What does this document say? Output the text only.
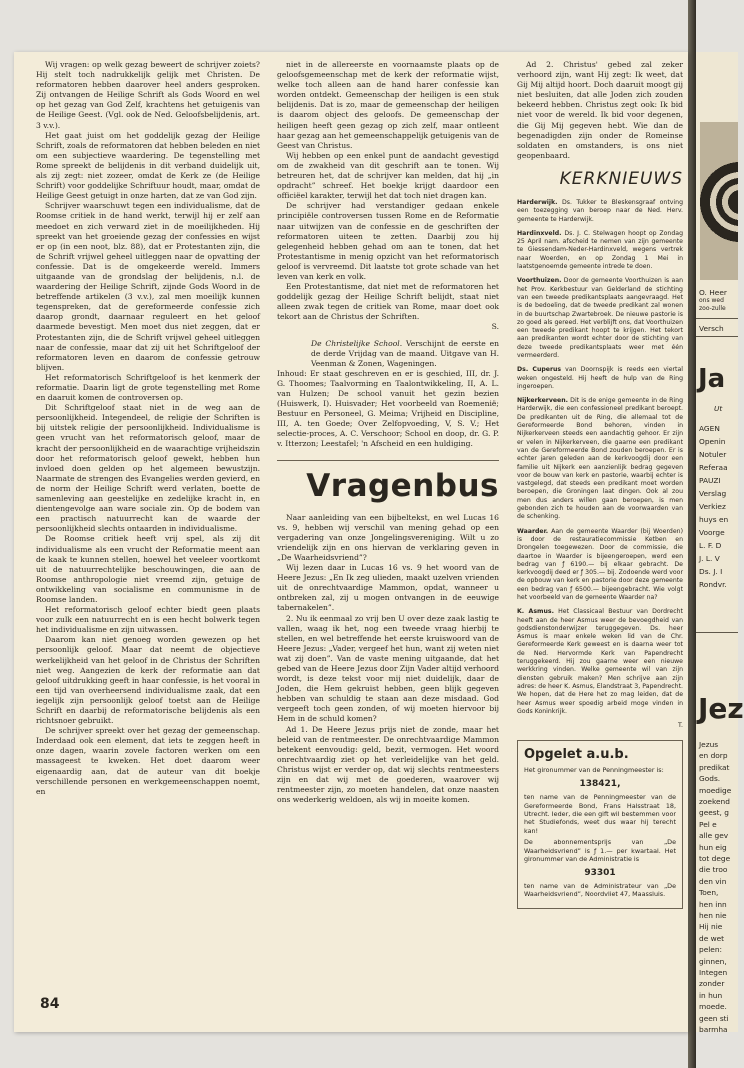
Wij vragen: op welk gezag beweert de schrijver zoiets? Hij stelt toch nadrukkelijk gelijk met Christen. De reformatoren hebben daarover heel anders gesproken. Zij ontvangen de Heilige Schrift als Gods Woord en wel op het gezag van God Zelf, krachtens het getuigenis van de Heilige Geest. (Vgl. ook de Ned. Geloofsbelijdenis, art. 3 v.v.).

Het gaat juist om het goddelijk gezag der Heilige Schrift, zoals de reformatoren dat hebben beleden en niet om een subjectieve waardering. De tegenstelling met Rome spreekt de belijdenis in dit verband duidelijk uit, als zij zegt: niet zozeer, omdat de Kerk ze (de Heilige Schrift) voor goddelijke Schriftuur houdt, maar, omdat de Heilige Geest getuigt in onze harten, dat ze van God zijn.

Schrijver waarschuwt tegen een individualisme, dat de Roomse critiek in de hand werkt, terwijl hij er zelf aan meedoet en zich verward ziet in de moeilijkheden. Hij spreekt van het groeiende gezag der confessies en wijst er op (in een noot, blz. 88), dat er Protestanten zijn, die de Schrift vrijwel geheel uitleggen naar de opvatting der confessie. Dat is de omgekeerde wereld. Immers uitgaande van de grondslag der belijdenis, n.l. de waardering der Heilige Schrift, zijnde Gods Woord in de betreffende artikelen (3 v.v.), zal men moeilijk kunnen tegenspreken, dat de gereformeerde confessie zich daarop grondt, daarnaar reguleert en het geloof daarmede bevestigt. Men moet dus niet zeggen, dat er Protestanten zijn, die de Schrift vrijwel geheel uitleggen naar de confessie, maar dat zij uit het Schriftgeloof der reformatoren leven en daarom de confessie getrouw blijven.

Het reformatorisch Schriftgeloof is het kenmerk der reformatie. Daarin ligt de grote tegenstelling met Rome en daaruit komen de controversen op.

Dit Schriftgeloof staat niet in de weg aan de persoonlijkheid. Integendeel, de religie der Schriften is bij uitstek religie der persoonlijkheid. Individualisme is geen vrucht van het reformatorisch geloof, maar de kracht der persoonlijkheid en de waarachtige vrijheidszin door het reformatorisch geloof gewekt, hebben hun invloed doen gelden op het algemeen bewustzijn. Naarmate de strengen des Evangelies werden gevierd, en de norm der Heilige Schrift werd verlaten, boette de samenleving aan geestelijke en zedelijke kracht in, en dientengevolge aan ware sociale zin. Op de bodem van een practisch natuurrecht kan de waarde der persoonlijkheid slechts ontaarden in individualisme.

De Roomse critiek heeft vrij spel, als zij dit individualisme als een vrucht der Reformatie meent aan de kaak te kunnen stellen, hoewel het veeleer voortkomt uit de natuurrechtelijke beschouwingen, die aan de Roomse anthropologie niet vreemd zijn, getuige de ontwikkeling van socialisme en communisme in de Roomse landen.

Het reformatorisch geloof echter biedt geen plaats voor zulk een natuurrecht en is een hecht bolwerk tegen het individualisme en zijn uitwassen.

Daarom kan niet genoeg worden gewezen op het persoonlijk geloof. Maar dat neemt de objectieve werkelijkheid van het geloof in de Christus der Schriften niet weg. Aangezien de kerk der reformatie aan dat geloof uitdrukking geeft in haar confessie, is het vooral in een tijd van overheersend individualisme zaak, dat een iegelijk zijn persoonlijk geloof toetst aan de Heilige Schrift en daarbij de reformatorische belijdenis als een richtsnoer gebruikt.

De schrijver spreekt over het gezag der gemeenschap. Inderdaad ook een element, dat iets te zeggen heeft in onze dagen, waarin zovele factoren werken om een massageest te kweken. Het doet daarom weer eigenaardig aan, dat de auteur van dit boekje verschillende personen en werkgemeenschappen noemt, en

niet in de allereerste en voornaamste plaats op de geloofsgemeenschap met de kerk der reformatie wijst, welke toch alleen aan de hand harer confessie kan worden ontdekt. Gemeenschap der heiligen is een stuk belijdenis. Dat is zo, maar de gemeenschap der heiligen is daarom object des geloofs. De gemeenschap der heiligen heeft geen gezag op zich zelf, maar ontleent haar gezag aan het gemeenschappelijk getuigenis van de Geest van Christus.

Wij hebben op een enkel punt de aandacht gevestigd om de zwakheid van dit geschrift aan te tonen. Wij betreuren het, dat de schrijver kan melden, dat hij „in opdracht” schreef. Het boekje krijgt daardoor een officiëel karakter, terwijl het dat toch niet dragen kan.

De schrijver had verstandiger gedaan enkele principiële controversen tussen Rome en de Reformatie naar uitwijzen van de confessie en de geschriften der reformatoren uiteen te zetten. Daarbij zou hij gelegenheid hebben gehad om aan te tonen, dat het Protestantisme in menig opzicht van het reformatorisch geloof is vervreemd. Dit laatste tot grote schade van het leven van kerk en volk.

Een Protestantisme, dat niet met de reformatoren het goddelijk gezag der Heilige Schrift belijdt, staat niet alleen zwak tegen de critiek van Rome, maar doet ook tekort aan de Christus der Schriften.

S.

De Christelijke School. Verschijnt de eerste en de derde Vrijdag van de maand. Uitgave van H. Veenman & Zonen, Wageningen.

Inhoud: Er staat geschreven en er is geschied, III, dr. J. G. Thoomes; Taalvorming en Taalontwikkeling, II, A. L. van Hulzen; De school vanuit het gezin bezien (Huiswerk, I). Huisvader; Het voorbeeld van Roemenië; Bestuur en Personeel, G. Meima; Vrijheid en Discipline, III, A. ten Goede; Over Zelfopvoeding, V, S. V.; Het selectie-proces, A. C. Verschoor; School en doop, dr. G. P. v. Itterzon; Leestafel; 'n Afscheid en een huldiging.

Vragenbus

Naar aanleiding van een bijbeltekst, en wel Lucas 16 vs. 9, hebben wij verschil van mening gehad op een vergadering van onze Jongelingsvereniging. Wilt u zo vriendelijk zijn en ons hiervan de verklaring geven in „De Waarheidsvriend”?

Wij lezen daar in Lucas 16 vs. 9 het woord van de Heere Jezus: „En Ik zeg ulieden, maakt uzelven vrienden uit de onrechtvaardige Mammon, opdat, wanneer u ontbreken zal, zij u mogen ontvangen in de eeuwige tabernakelen”.

2. Nu ik eenmaal zo vrij ben U over deze zaak lastig te vallen, waag ik het, nog een tweede vraag hierbij te stellen, en wel betreffende het eerste kruiswoord van de Heere Jezus: „Vader, vergeef het hun, want zij weten niet wat zij doen”. Van de vaste mening uitgaande, dat het gebed van de Heere Jezus door Zijn Vader altijd verhoord wordt, is deze tekst voor mij niet duidelijk, daar de Joden, die Hem gekruist hebben, geen blijk gegeven hebben van schuldig te staan aan deze misdaad. God vergeeft toch geen zonden, of wij moeten hiervoor bij Hem in de schuld komen?

Ad 1. De Heere Jezus prijs niet de zonde, maar het beleid van de rentmeester. De onrechtvaardige Mammon betekent eenvoudig: geld, bezit, vermogen. Het woord onrechtvaardig ziet op het verleidelijke van het geld. Christus wijst er verder op, dat wij slechts rentmeesters zijn en dat wij met de goederen, waarover wij rentmeester zijn, zo moeten handelen, dat onze naasten ons wederkerig weldoen, als wij in moeite komen.

Ad 2. Christus' gebed zal zeker verhoord zijn, want Hij zegt: Ik weet, dat Gij Mij altijd hoort. Doch daaruit moogt gij niet besluiten, dat alle Joden zich zouden bekeerd hebben. Christus zegt ook: Ik bid niet voor de wereld. Ik bid voor degenen, die Gij Mij gegeven hebt. Wie dan de begenadigden zijn onder de Romeinse soldaten en omstanders, is ons niet geopenbaard.

KERKNIEUWS

Harderwijk. Ds. Tukker te Bleskensgraaf ontving een toezegging van beroep naar de Ned. Herv. gemeente te Harderwijk.

Hardinxveld. Ds. J. C. Stelwagen hoopt op Zondag 25 April nam. afscheid te nemen van zijn gemeente te Giessendam-Neder-Hardinxveld, wegens vertrek naar Woerden, en op Zondag 1 Mei in laatstgenoemde gemeente intrede te doen.

Voorthuizen. Door de gemeente Voorthuizen is aan het Prov. Kerkbestuur van Gelderland de stichting van een tweede predikantsplaats aangevraagd. Het is de bedoeling, dat de tweede predikant zal wonen in de buurtschap Zwartebroek. De nieuwe pastorie is zo goed als gereed. Het verblijft ons, dat Voorthuizen een tweede predikant hoopt te krijgen. Het tekort aan predikanten wordt echter door de stichting van deze tweede predikantsplaats weer met één vermeerderd.

Ds. Cuperus van Doornspijk is reeds een viertal weken ongesteld. Hij heeft de hulp van de Ring ingeroepen.

Nijkerkerveen. Dit is de enige gemeente in de Ring Harderwijk, die een confessioneel predikant beroept. De predikanten uit de Ring, die allemaal tot de Gereformeerde Bond behoren, vinden in Nijkerkerveen steeds een aandachtig gehoor. Er zijn er velen in Nijkerkerveen, die gaarne een predikant van de Gereformeerde Bond zouden beroepen. Er is echter jaren geleden aan de kerkvoogdij door een familie uit Nijkerk een aanzienlijk bedrag gegeven voor de bouw van kerk en pastorie, waarbij echter is vastgelegd, dat steeds een predikant moet worden beroepen, die Groningen laat dingen. Ook al zou men dus anders willen gaan beroepen, is men gebonden zich te houden aan de voorwaarden van de schenking.

Waarder. Aan de gemeente Waarder (bij Woerden) is door de restauratiecommissie Ketben en Drongelen toegewezen. Door de commissie, die daartoe in Waarder is bijeengeroepen, werd een bedrag van ƒ 6190.— bij elkaar gebracht. De kerkvoogdij deed er ƒ 305.— bij. Zodoende werd voor de opbouw van kerk en pastorie door deze gemeente een bedrag van ƒ 6500.— bijeengebracht. Wie volgt het voorbeeld van de gemeente Waarder na?

K. Asmus. Het Classicaal Bestuur van Dordrecht heeft aan de heer Asmus weer de bevoegdheid van godsdienstonderwijzer teruggegeven. Ds. heer Asmus is maar enkele weken lid van de Chr. Gereformeerde Kerk geweest en is daarna weer tot de Ned. Hervormde Kerk van Papendrecht teruggekeerd. Hij zou gaarne weer een nieuwe werkkring vinden. Welke gemeente wil van zijn diensten gebruik maken? Men schrijve aan zijn adres: de heer K. Asmus, Elandstraat 3, Papendrecht. We hopen, dat de Here het zo mag leiden, dat de heer Asmus weer spoedig arbeid moge vinden in Gods Koninkrijk.

T.
Opgelet a.u.b.

Het gironummer van de Penningmeester is:

138421,

ten name van de Penningmeester van de Gereformeerde Bond, Frans Halsstraat 18, Utrecht. Ieder, die een gift wil bestemmen voor het Studiefonds, weet dus waar hij terecht kan!

De abonnementsprijs van „De Waarheidsvriend” is ƒ 1.— per kwartaal. Het gironummer van de Administratie is

93301

ten name van de Administrateur van „De Waarheidsvriend”, Noordvliet 47, Maassluis.

84
O. Heer
ons wed
zoo-zulle
Versch
Ja
Ut
AGEN
Openin
Notuler
Referaa
PAUZI
Verslag
Verkiez
huys en
Voorge
L. F. D
J. L. V
Ds. J. I
Rondvr.
Jez
Jezus
en dorp
predikat
Gods.
moedige
zoekend
geest, g
Pel e
alle gev
hun eig
tot dege
die troo
den vin
Toen,
hen inn
hen nie
Hij nie
de wet
pelen:
ginnen,
Integen
zonder
in hun
moede.
geen sti
barmha
